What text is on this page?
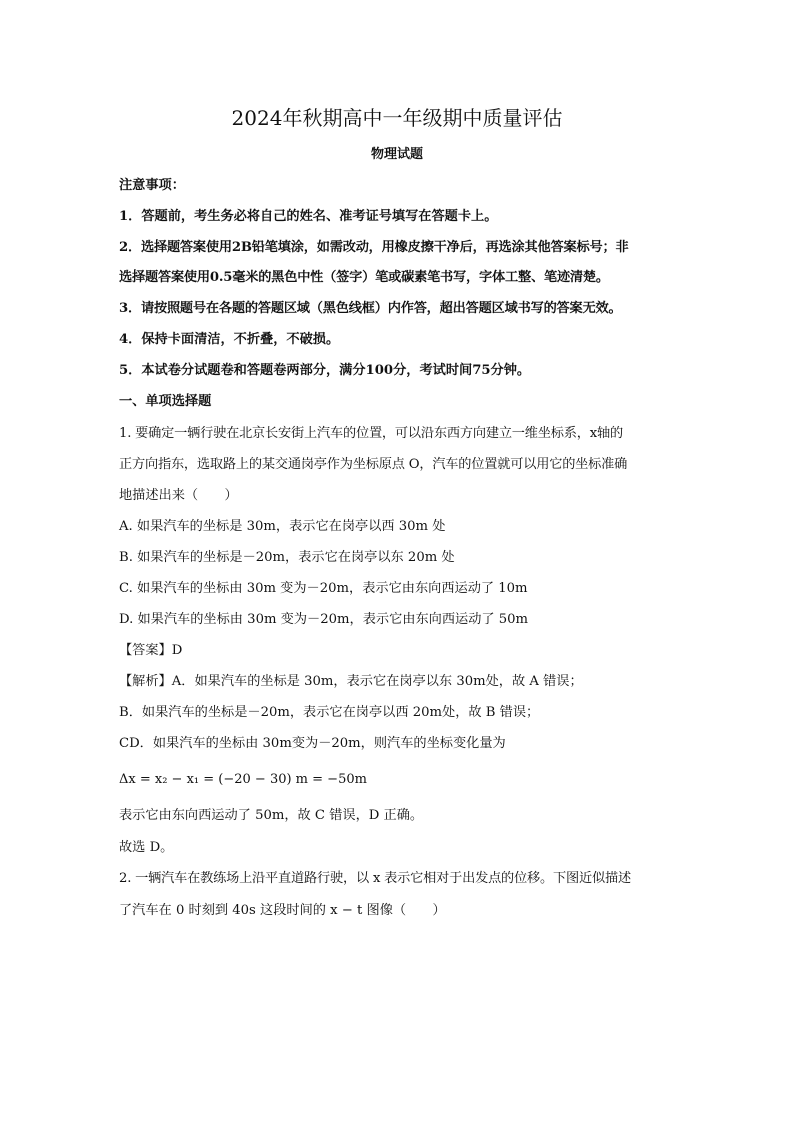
2024年秋期高中一年级期中质量评估
物理试题
注意事项：
1．答题前，考生务必将自己的姓名、准考证号填写在答题卡上。
2．选择题答案使用2B铅笔填涂，如需改动，用橡皮擦干净后，再选涂其他答案标号；非
选择题答案使用0.5毫米的黑色中性（签字）笔或碳素笔书写，字体工整、笔迹清楚。
3．请按照题号在各题的答题区域（黑色线框）内作答，超出答题区域书写的答案无效。
4．保持卡面清洁，不折叠，不破损。
5．本试卷分试题卷和答题卷两部分，满分100分，考试时间75分钟。
一、单项选择题
1. 要确定一辆行驶在北京长安街上汽车的位置，可以沿东西方向建立一维坐标系，x轴的
正方向指东，选取路上的某交通岗亭作为坐标原点 O，汽车的位置就可以用它的坐标准确
地描述出来（　　）
A. 如果汽车的坐标是 30m，表示它在岗亭以西 30m 处
B. 如果汽车的坐标是－20m，表示它在岗亭以东 20m 处
C. 如果汽车的坐标由 30m 变为－20m，表示它由东向西运动了 10m
D. 如果汽车的坐标由 30m 变为－20m，表示它由东向西运动了 50m
【答案】D
【解析】A．如果汽车的坐标是 30m，表示它在岗亭以东 30m处，故 A 错误；
B．如果汽车的坐标是－20m，表示它在岗亭以西 20m处，故 B 错误；
CD．如果汽车的坐标由 30m变为－20m，则汽车的坐标变化量为
Δx = x₂ − x₁ = (−20 − 30) m = −50m
表示它由东向西运动了 50m，故 C 错误，D 正确。
故选 D。
2. 一辆汽车在教练场上沿平直道路行驶，以 x 表示它相对于出发点的位移。下图近似描述
了汽车在 0 时刻到 40s 这段时间的 x − t 图像（　　）
